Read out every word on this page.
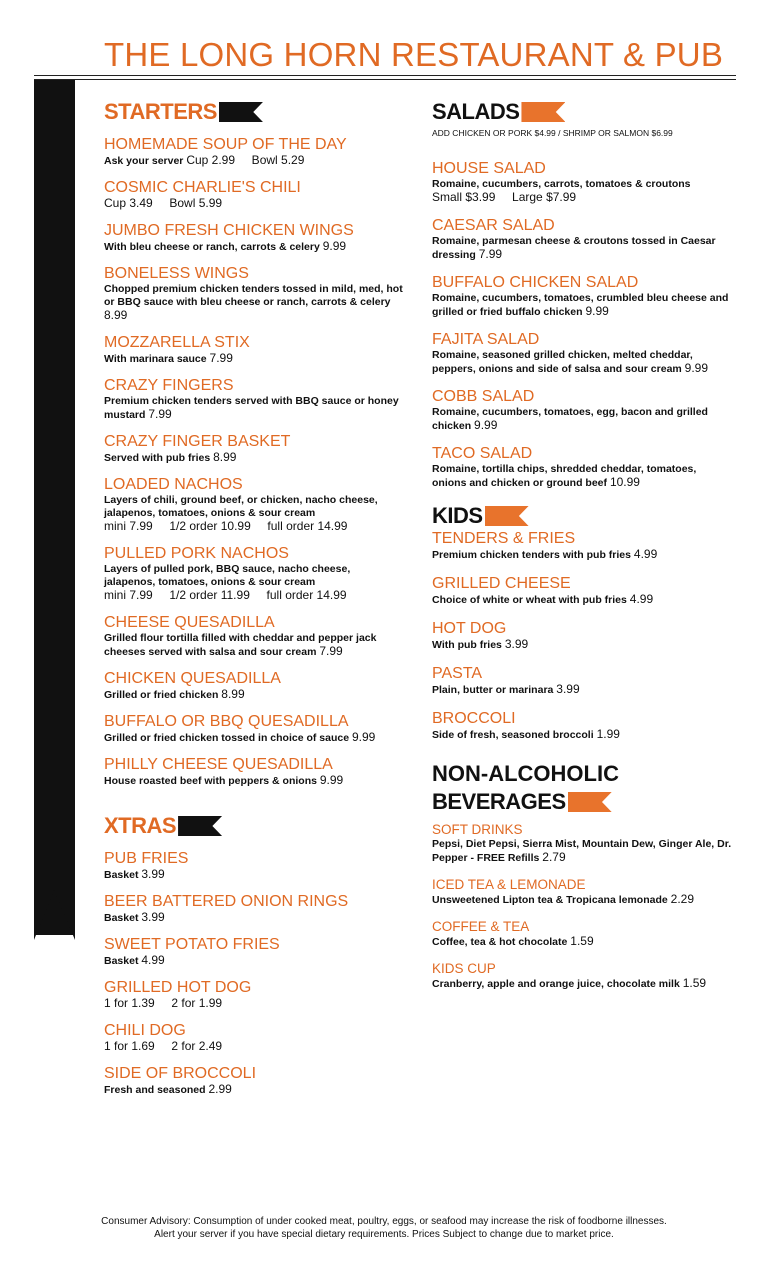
THE LONG HORN RESTAURANT & PUB
HORN'S PUB GRUB
STARTERS
HOMEMADE SOUP OF THE DAY
Ask your server Cup 2.99     Bowl 5.29
COSMIC CHARLIE'S CHILI
Cup 3.49     Bowl 5.99
JUMBO FRESH CHICKEN WINGS
With bleu cheese or ranch, carrots & celery 9.99
BONELESS WINGS
Chopped premium chicken tenders tossed in mild, med, hot or BBQ sauce with bleu cheese or ranch, carrots & celery 8.99
MOZZARELLA STIX
With marinara sauce 7.99
CRAZY FINGERS
Premium chicken tenders served with BBQ sauce or honey mustard 7.99
CRAZY FINGER BASKET
Served with pub fries 8.99
LOADED NACHOS
Layers of chili, ground beef, or chicken, nacho cheese, jalapenos, tomatoes, onions & sour cream mini 7.99     1/2 order 10.99     full order 14.99
PULLED PORK NACHOS
Layers of pulled pork, BBQ sauce, nacho cheese, jalapenos, tomatoes, onions & sour cream mini 7.99     1/2 order 11.99     full order 14.99
CHEESE QUESADILLA
Grilled flour tortilla filled with cheddar and pepper jack cheeses served with salsa and sour cream 7.99
CHICKEN QUESADILLA
Grilled or fried chicken 8.99
BUFFALO OR BBQ QUESADILLA
Grilled or fried chicken tossed in choice of sauce 9.99
PHILLY CHEESE QUESADILLA
House roasted beef with peppers & onions 9.99
XTRAS
PUB FRIES
Basket 3.99
BEER BATTERED ONION RINGS
Basket 3.99
SWEET POTATO FRIES
Basket 4.99
GRILLED HOT DOG
1 for 1.39     2 for 1.99
CHILI DOG
1 for 1.69     2 for 2.49
SIDE OF BROCCOLI
Fresh and seasoned 2.99
SALADS
ADD CHICKEN OR PORK $4.99 / SHRIMP OR SALMON $6.99
HOUSE SALAD
Romaine, cucumbers, carrots, tomatoes & croutons Small $3.99     Large $7.99
CAESAR SALAD
Romaine, parmesan cheese & croutons tossed in Caesar dressing 7.99
BUFFALO CHICKEN SALAD
Romaine, cucumbers, tomatoes, crumbled bleu cheese and grilled or fried buffalo chicken 9.99
FAJITA SALAD
Romaine, seasoned grilled chicken, melted cheddar, peppers, onions and side of salsa and sour cream 9.99
COBB SALAD
Romaine, cucumbers, tomatoes, egg, bacon and grilled chicken 9.99
TACO SALAD
Romaine, tortilla chips, shredded cheddar, tomatoes, onions and chicken or ground beef 10.99
KIDS
TENDERS & FRIES
Premium chicken tenders with pub fries 4.99
GRILLED CHEESE
Choice of white or wheat with pub fries 4.99
HOT DOG
With pub fries 3.99
PASTA
Plain, butter or marinara 3.99
BROCCOLI
Side of fresh, seasoned broccoli 1.99
NON-ALCOHOLIC
BEVERAGES
SOFT DRINKS
Pepsi, Diet Pepsi, Sierra Mist, Mountain Dew, Ginger Ale, Dr. Pepper - FREE Refills 2.79
ICED TEA & LEMONADE
Unsweetened Lipton tea & Tropicana lemonade 2.29
COFFEE & TEA
Coffee, tea & hot chocolate 1.59
KIDS CUP
Cranberry, apple and orange juice, chocolate milk 1.59
Consumer Advisory: Consumption of under cooked meat, poultry, eggs, or seafood may increase the risk of foodborne illnesses.
Alert your server if you have special dietary requirements. Prices Subject to change due to market price.
